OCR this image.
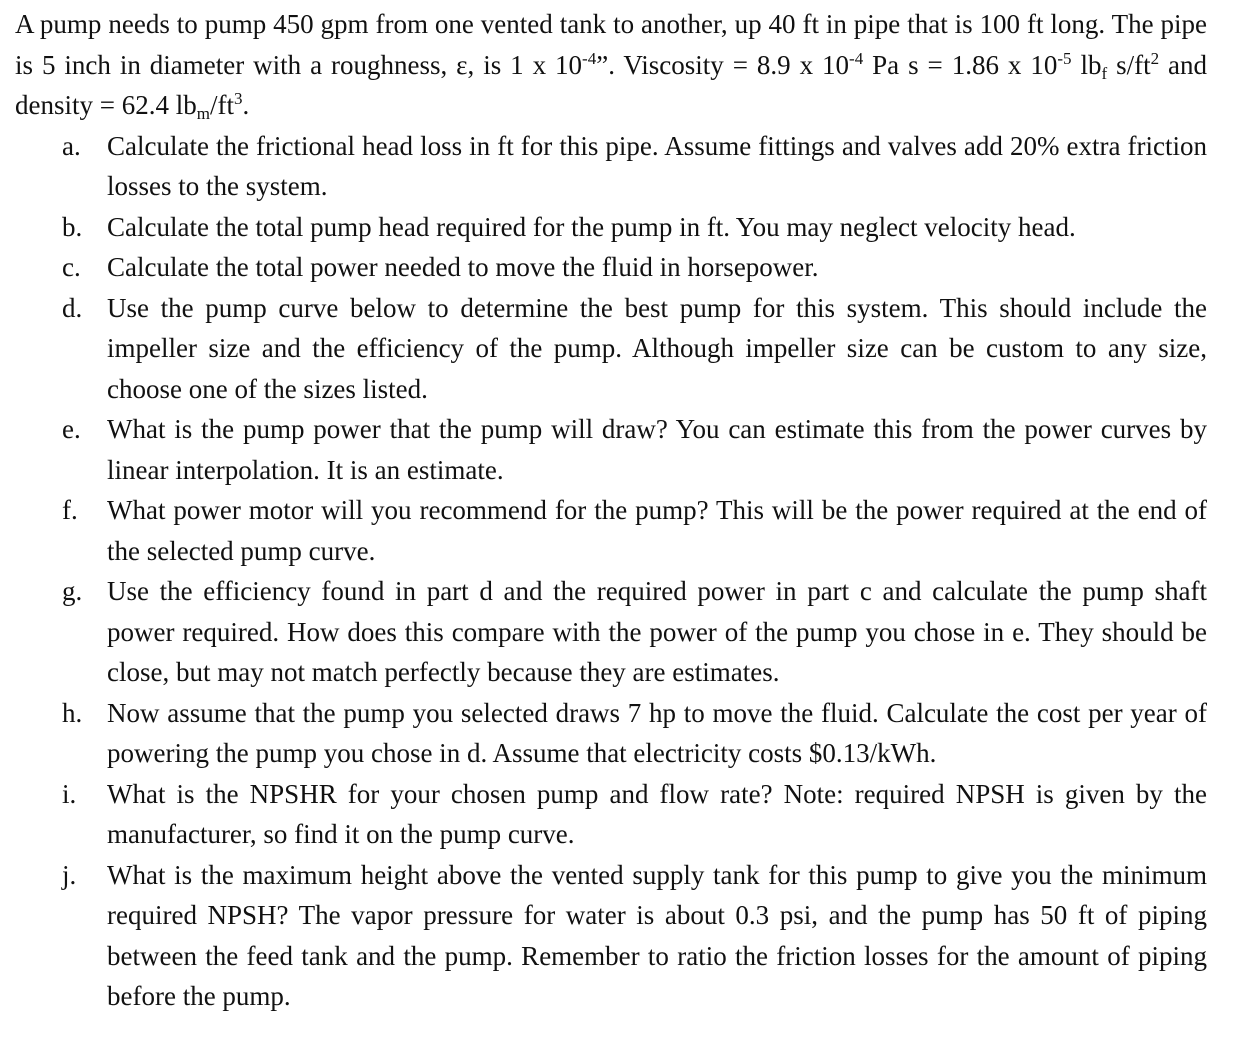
A pump needs to pump 450 gpm from one vented tank to another, up 40 ft in pipe that is 100 ft long. The pipe is 5 inch in diameter with a roughness, ε, is 1 x $10^{-4}$”. Viscosity = 8.9 x $10^{-4}$ Pa s = 1.86 x $10^{-5}$ $lb_f$ $s/ft^2$ and density = 62.4 $lb_m/ft^3$.

a. Calculate the frictional head loss in ft for this pipe. Assume fittings and valves add 20% extra friction losses to the system.
b. Calculate the total pump head required for the pump in ft. You may neglect velocity head.
c. Calculate the total power needed to move the fluid in horsepower.
d. Use the pump curve below to determine the best pump for this system. This should include the impeller size and the efficiency of the pump. Although impeller size can be custom to any size, choose one of the sizes listed.
e. What is the pump power that the pump will draw? You can estimate this from the power curves by linear interpolation. It is an estimate.
f. What power motor will you recommend for the pump? This will be the power required at the end of the selected pump curve.
g. Use the efficiency found in part d and the required power in part c and calculate the pump shaft power required. How does this compare with the power of the pump you chose in e. They should be close, but may not match perfectly because they are estimates.
h. Now assume that the pump you selected draws 7 hp to move the fluid. Calculate the cost per year of powering the pump you chose in d. Assume that electricity costs $0.13/kWh.
i. What is the NPSHR for your chosen pump and flow rate? Note: required NPSH is given by the manufacturer, so find it on the pump curve.
j. What is the maximum height above the vented supply tank for this pump to give you the minimum required NPSH? The vapor pressure for water is about 0.3 psi, and the pump has 50 ft of piping between the feed tank and the pump. Remember to ratio the friction losses for the amount of piping before the pump.
